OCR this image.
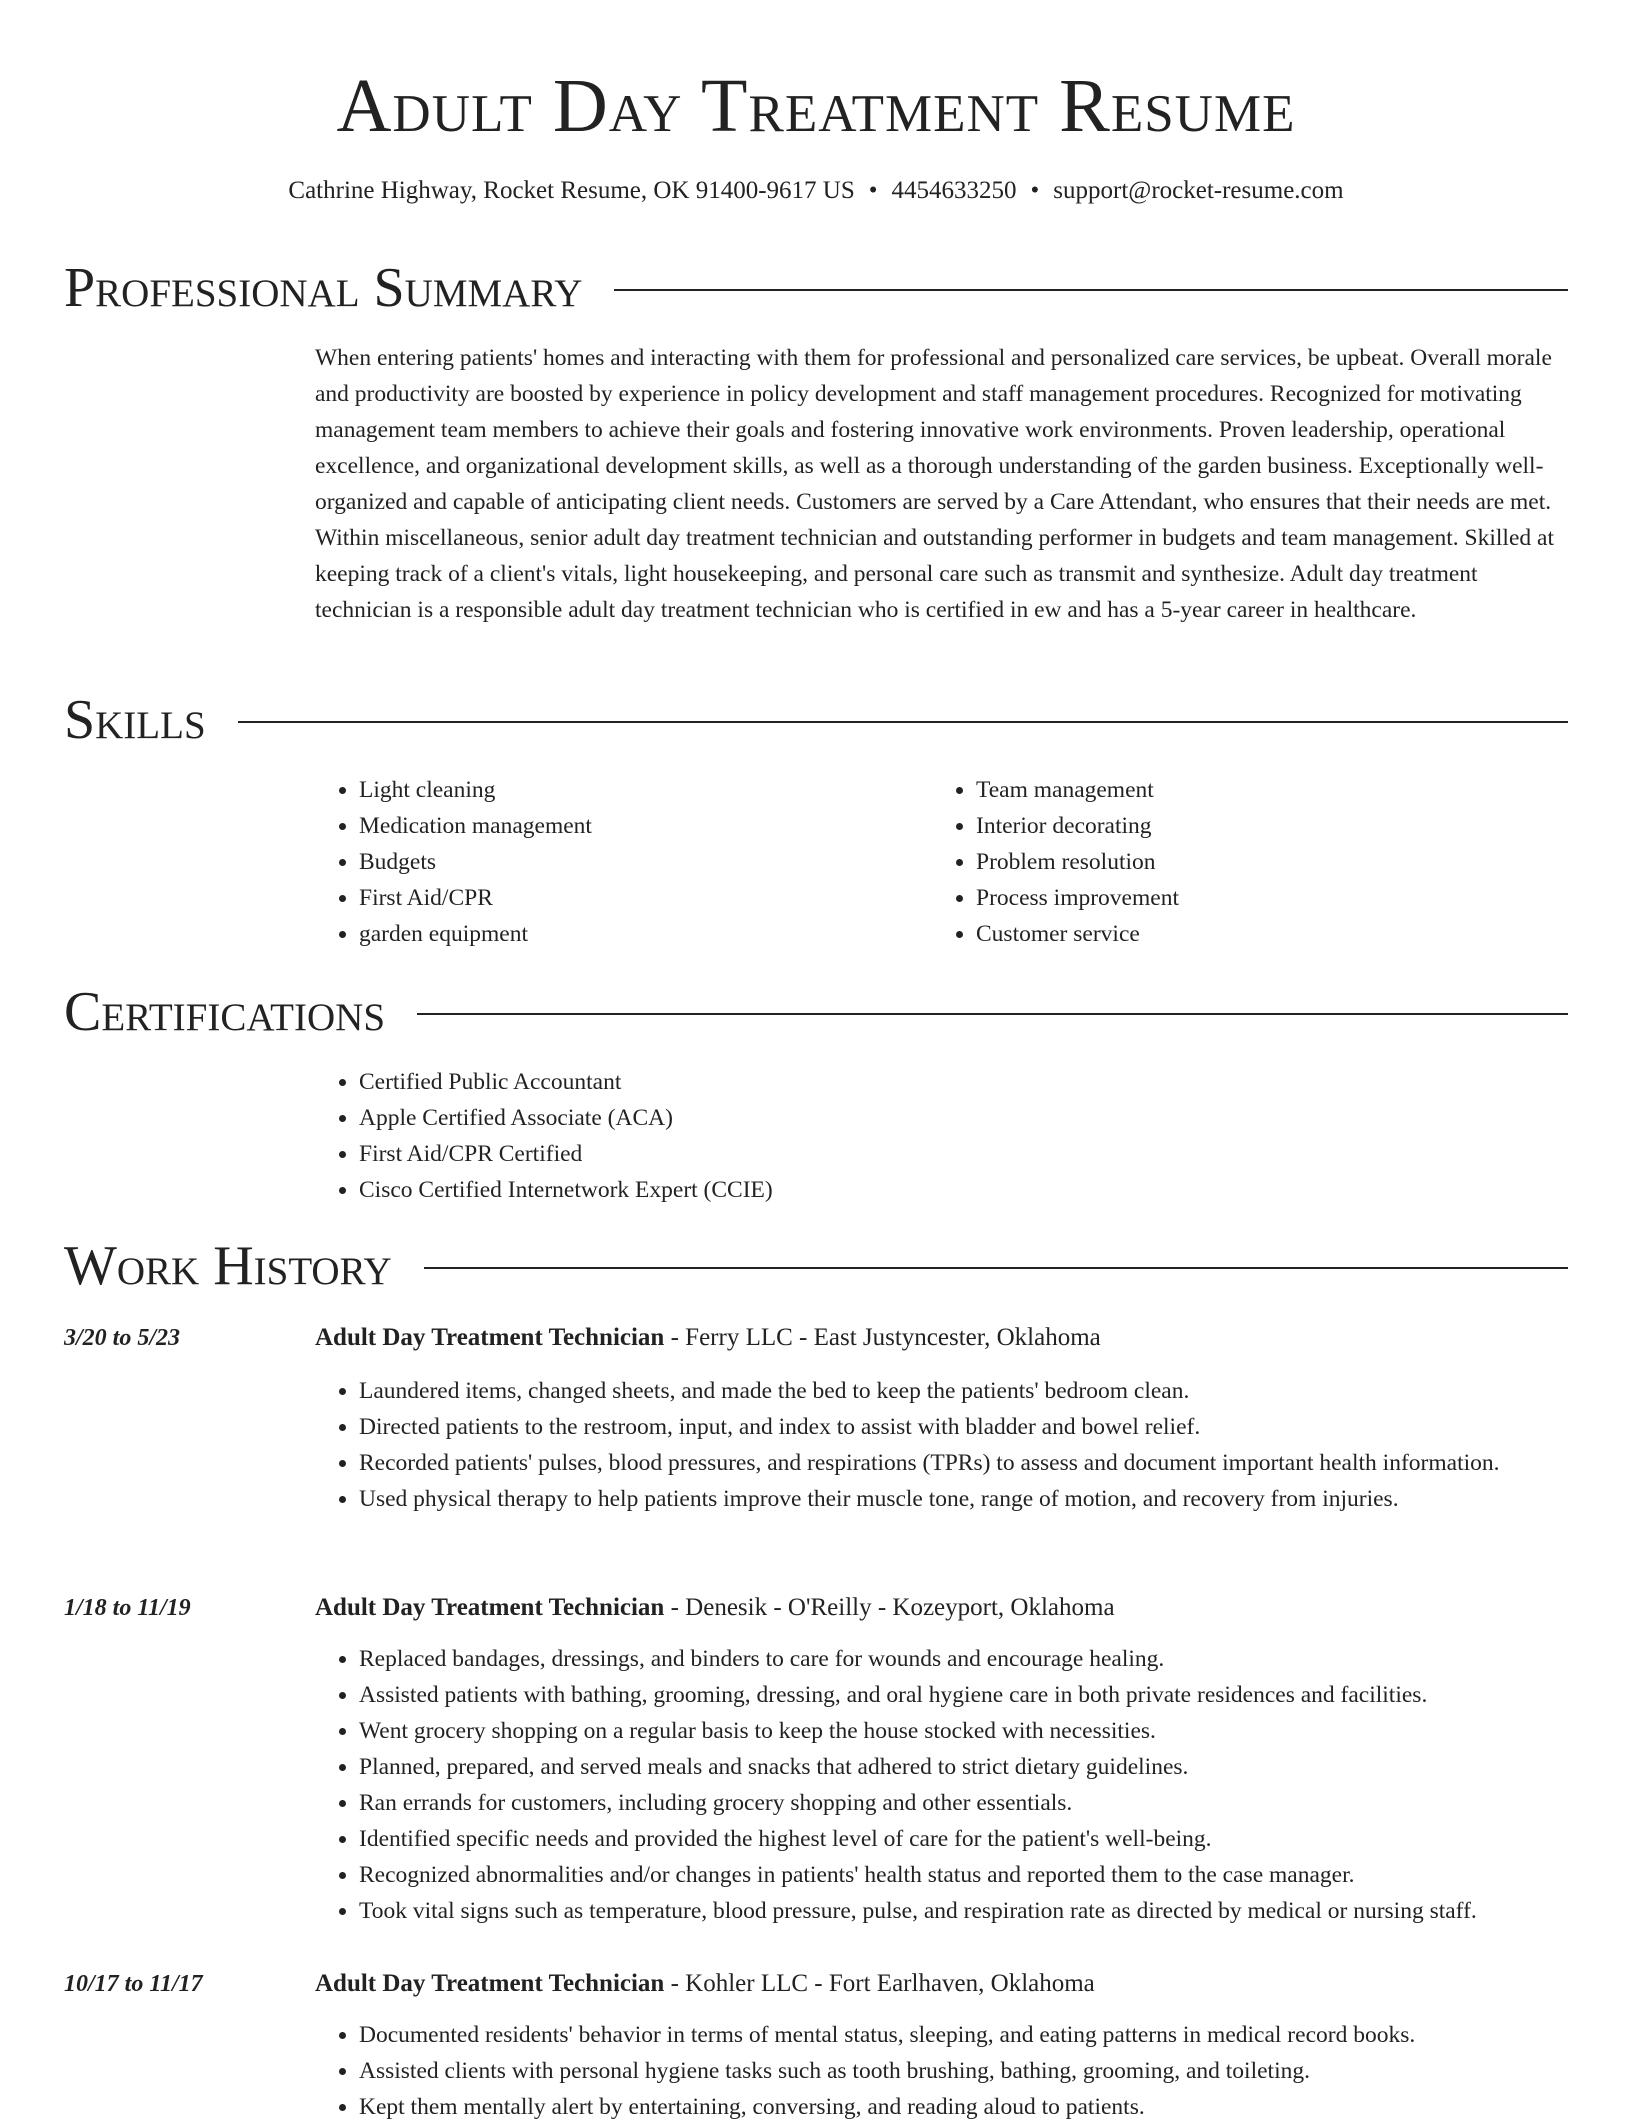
Adult Day Treatment Resume
Cathrine Highway, Rocket Resume, OK 91400-9617 US • 4454633250 • support@rocket-resume.com
Professional Summary

When entering patients' homes and interacting with them for professional and personalized care services, be upbeat. Overall morale and productivity are boosted by experience in policy development and staff management procedures. Recognized for motivating management team members to achieve their goals and fostering innovative work environments. Proven leadership, operational excellence, and organizational development skills, as well as a thorough understanding of the garden business. Exceptionally well-organized and capable of anticipating client needs. Customers are served by a Care Attendant, who ensures that their needs are met. Within miscellaneous, senior adult day treatment technician and outstanding performer in budgets and team management. Skilled at keeping track of a client's vitals, light housekeeping, and personal care such as transmit and synthesize. Adult day treatment technician is a responsible adult day treatment technician who is certified in ew and has a 5-year career in healthcare.

Skills
• Light cleaning
• Medication management
• Budgets
• First Aid/CPR
• garden equipment
• Team management
• Interior decorating
• Problem resolution
• Process improvement
• Customer service
Certifications
• Certified Public Accountant
• Apple Certified Associate (ACA)
• First Aid/CPR Certified
• Cisco Certified Internetwork Expert (CCIE)
Work History
3/20 to 5/23	Adult Day Treatment Technician - Ferry LLC - East Justyncester, Oklahoma
• Laundered items, changed sheets, and made the bed to keep the patients' bedroom clean.
• Directed patients to the restroom, input, and index to assist with bladder and bowel relief.
• Recorded patients' pulses, blood pressures, and respirations (TPRs) to assess and document important health information.
• Used physical therapy to help patients improve their muscle tone, range of motion, and recovery from injuries.
1/18 to 11/19	Adult Day Treatment Technician - Denesik - O'Reilly - Kozeyport, Oklahoma
• Replaced bandages, dressings, and binders to care for wounds and encourage healing.
• Assisted patients with bathing, grooming, dressing, and oral hygiene care in both private residences and facilities.
• Went grocery shopping on a regular basis to keep the house stocked with necessities.
• Planned, prepared, and served meals and snacks that adhered to strict dietary guidelines.
• Ran errands for customers, including grocery shopping and other essentials.
• Identified specific needs and provided the highest level of care for the patient's well-being.
• Recognized abnormalities and/or changes in patients' health status and reported them to the case manager.
• Took vital signs such as temperature, blood pressure, pulse, and respiration rate as directed by medical or nursing staff.
10/17 to 11/17	Adult Day Treatment Technician - Kohler LLC - Fort Earlhaven, Oklahoma
• Documented residents' behavior in terms of mental status, sleeping, and eating patterns in medical record books.
• Assisted clients with personal hygiene tasks such as tooth brushing, bathing, grooming, and toileting.
• Kept them mentally alert by entertaining, conversing, and reading aloud to patients.
